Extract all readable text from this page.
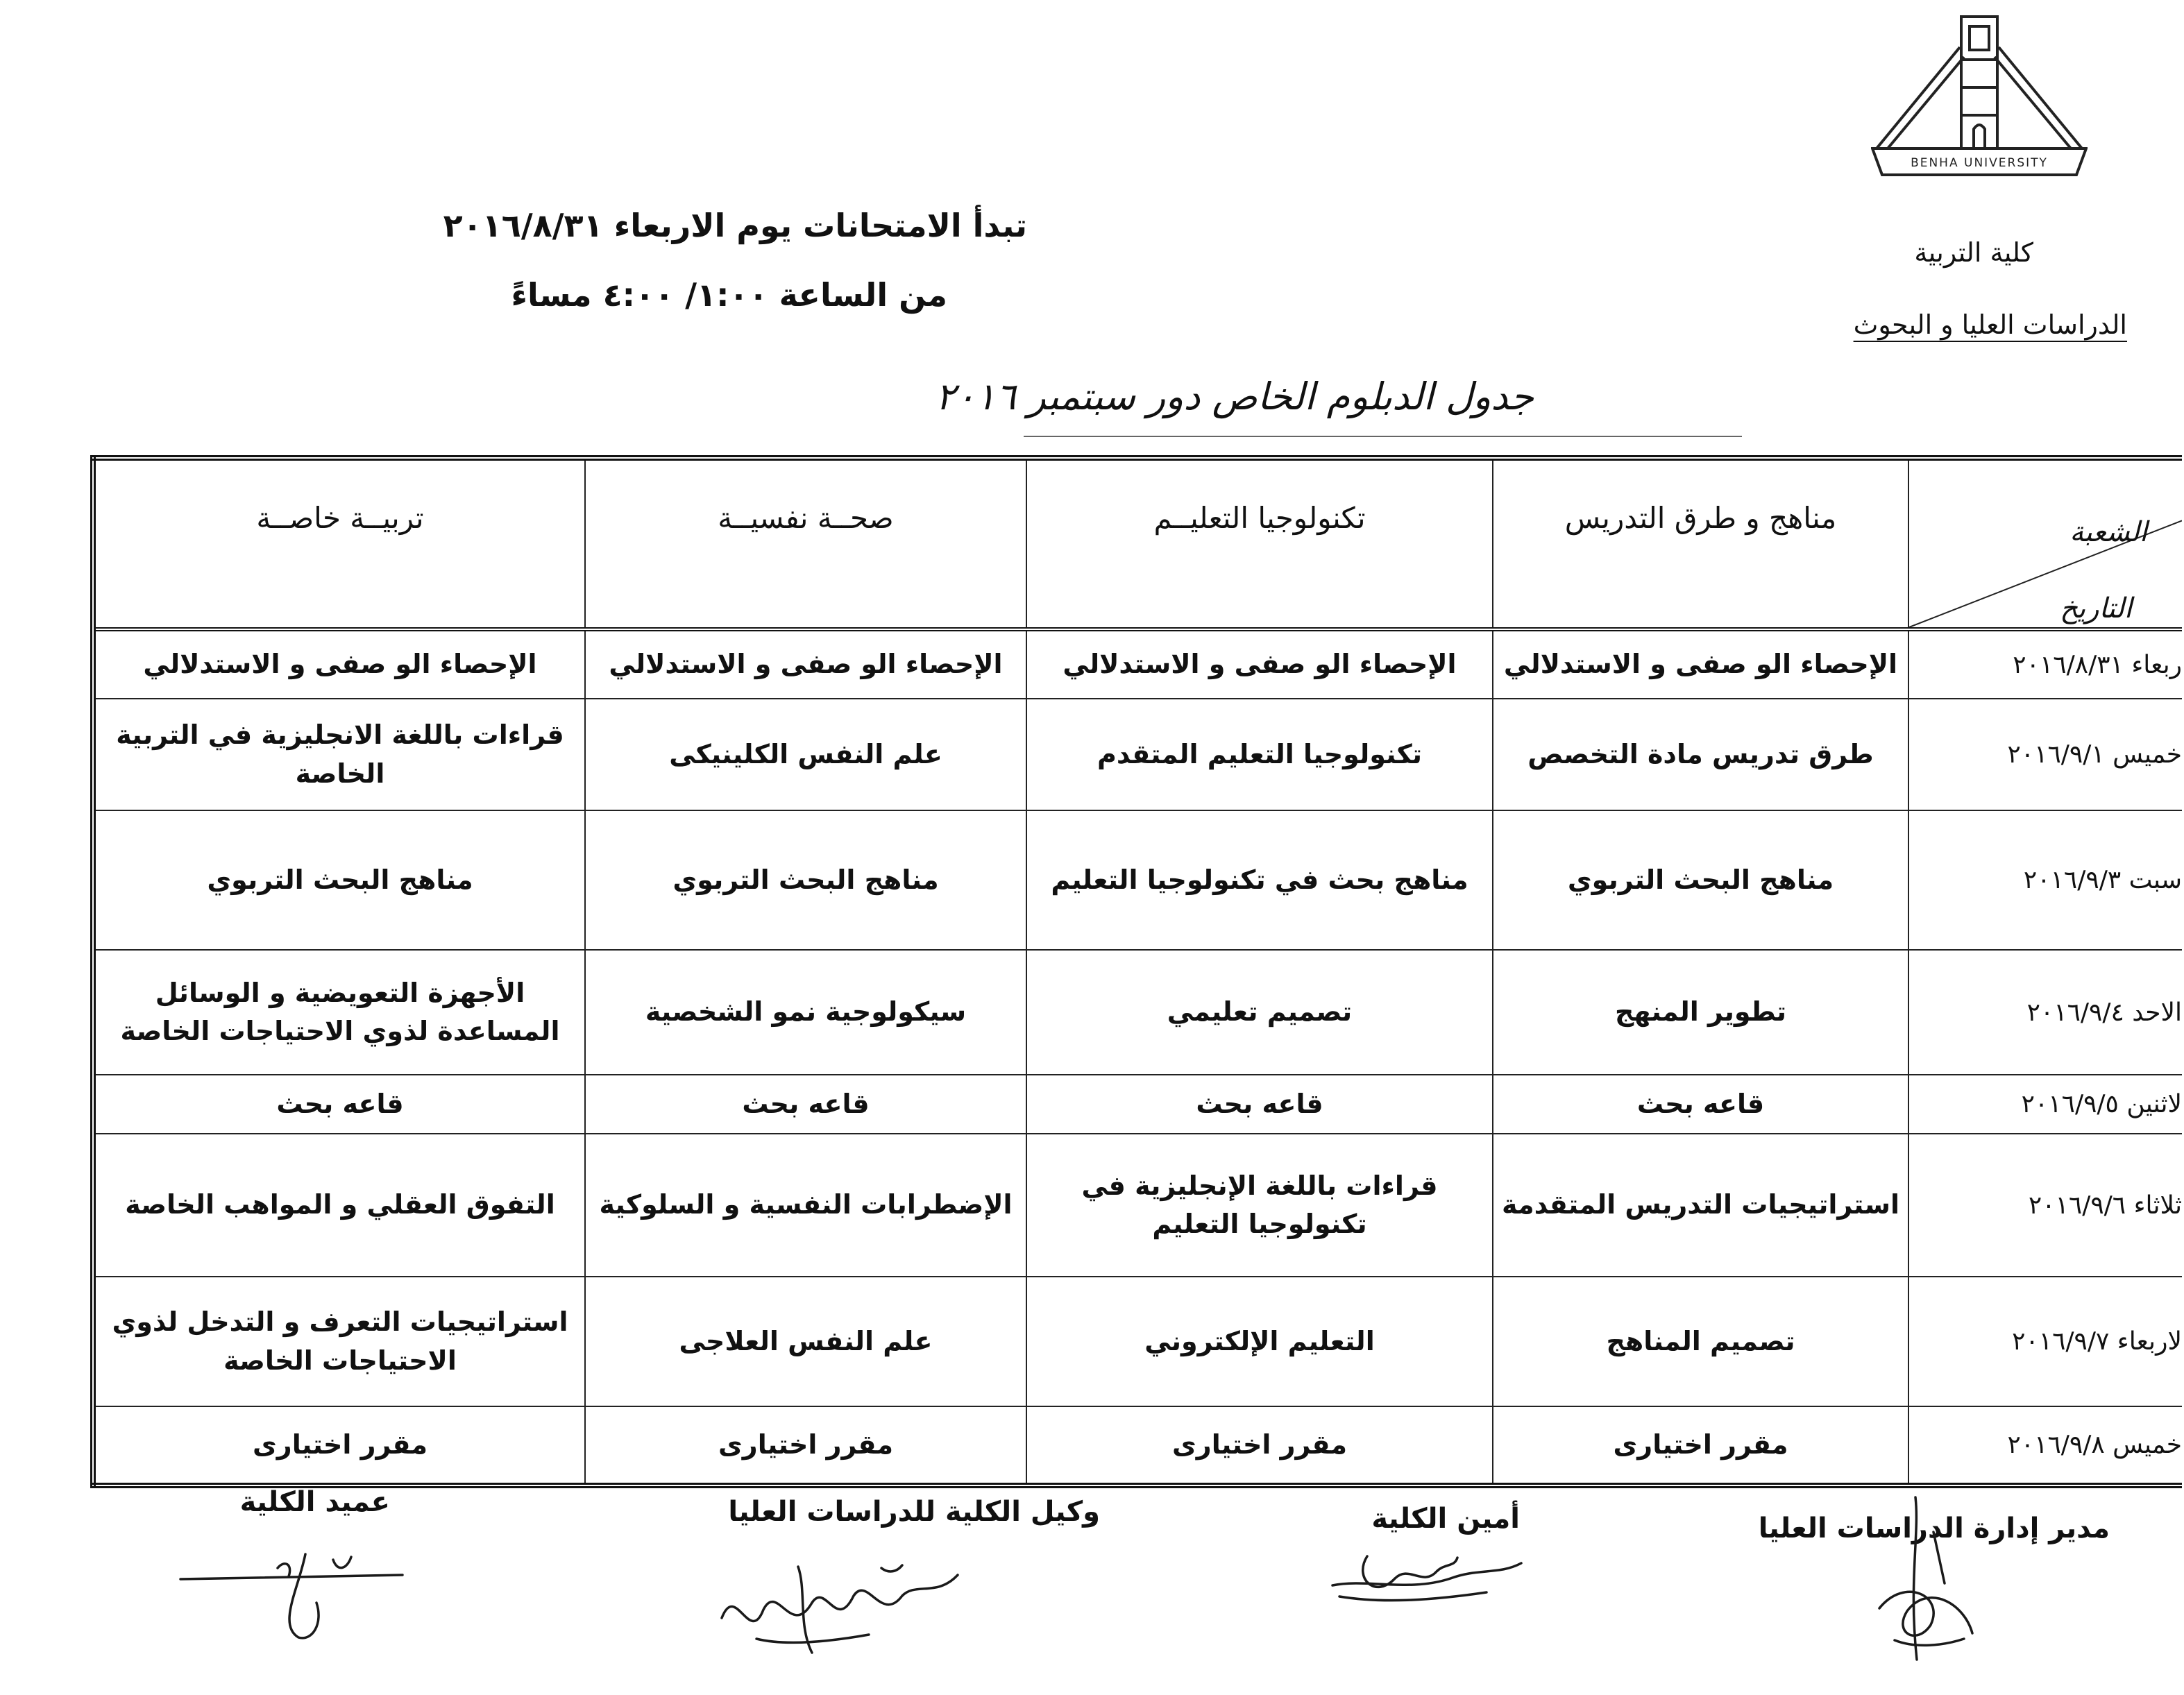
BENHA UNIVERSITY
كلية التربية
الدراسات العليا و البحوث
تبدأ الامتحانات يوم الاربعاء ٢٠١٦/٨/٣١
من الساعة ١:٠٠/ ٤:٠٠ مساءً
جدول الدبلوم الخاص دور سبتمبر ٢٠١٦
الشعبة
التاريخ	مناهج و طرق التدريس	تكنولوجيا التعليــم	صحــة نفسيــة	تربيــة خاصــة
ربعاء ٢٠١٦/٨/٣١	الإحصاء الو صفى و الاستدلالي	الإحصاء الو صفى و الاستدلالي	الإحصاء الو صفى و الاستدلالي	الإحصاء الو صفى و الاستدلالي
خميس ٢٠١٦/٩/١	طرق تدريس مادة التخصص	تكنولوجيا التعليم المتقدم	علم النفس الكلينيكى	قراءات باللغة الانجليزية في التربية الخاصة
سبت ٢٠١٦/٩/٣	مناهج البحث التربوي	مناهج بحث في تكنولوجيا التعليم	مناهج البحث التربوي	مناهج البحث التربوي
الاحد ٢٠١٦/٩/٤	تطوير المنهج	تصميم تعليمي	سيكولوجية نمو الشخصية	الأجهزة التعويضية و الوسائل المساعدة لذوي الاحتياجات الخاصة
لاثنين ٢٠١٦/٩/٥	قاعه بحث	قاعه بحث	قاعه بحث	قاعه بحث
ثلاثاء ٢٠١٦/٩/٦	استراتيجيات التدريس المتقدمة	قراءات باللغة الإنجليزية في تكنولوجيا التعليم	الإضطرابات النفسية و السلوكية	التفوق العقلي و المواهب الخاصة
لاربعاء ٢٠١٦/٩/٧	تصميم المناهج	التعليم الإلكتروني	علم النفس العلاجى	استراتيجيات التعرف و التدخل لذوي الاحتياجات الخاصة
خميس ٢٠١٦/٩/٨	مقرر اختيارى	مقرر اختيارى	مقرر اختيارى	مقرر اختيارى
مدير إدارة الدراسات العليا
أمين الكلية
وكيل الكلية للدراسات العليا
عميد الكلية
